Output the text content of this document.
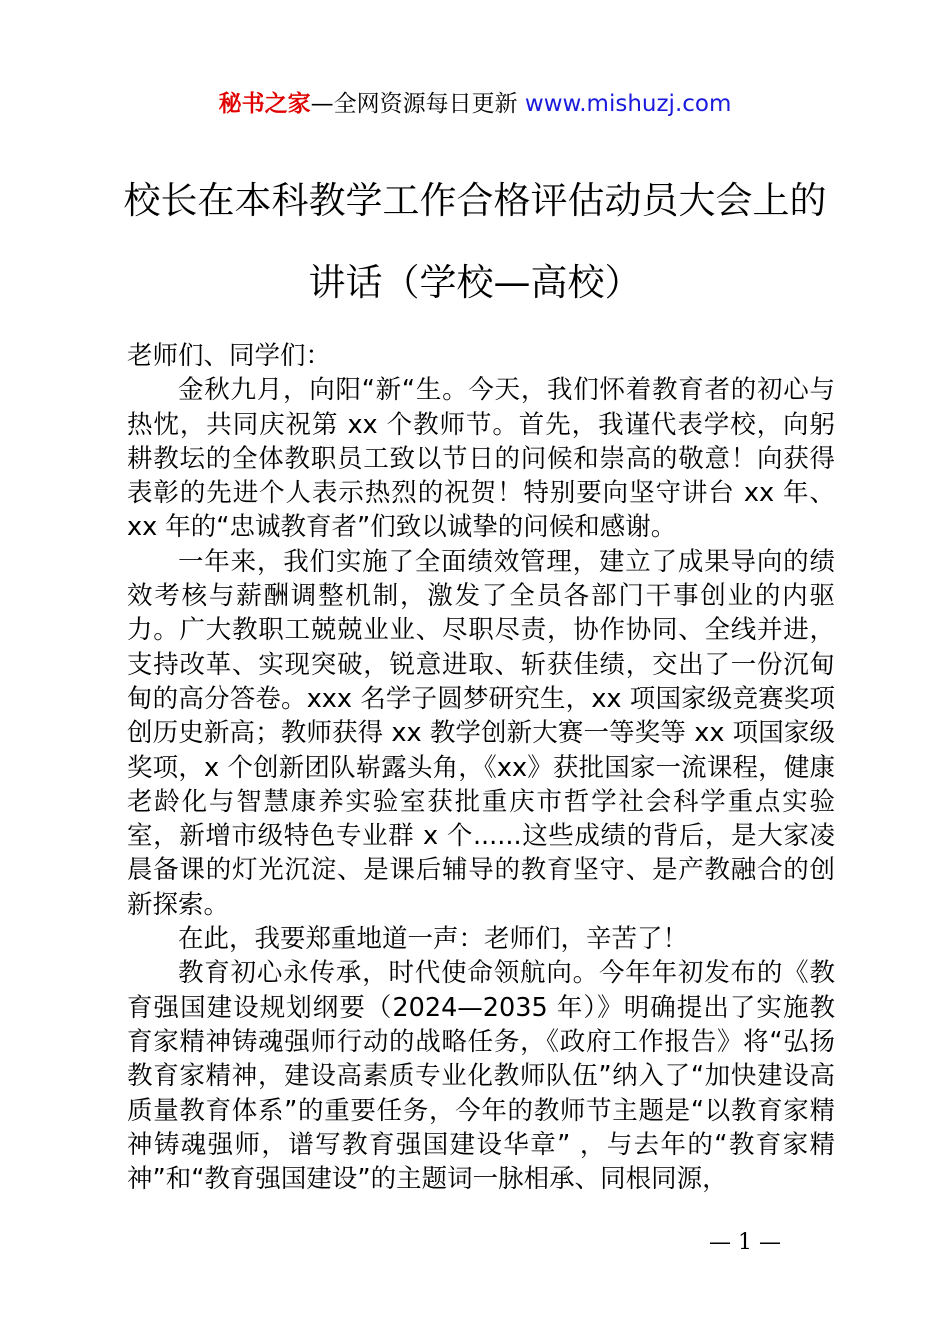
秘书之家—全网资源每日更新 www.mishuzj.com
校长在本科教学工作合格评估动员大会上的
讲话（学校—高校）

老师们、同学们：

金秋九月，向阳“新“生。今天，我们怀着教育者的初心与热忱，共同庆祝第 xx 个教师节。首先，我谨代表学校，向躬耕教坛的全体教职员工致以节日的问候和崇高的敬意！向获得表彰的先进个人表示热烈的祝贺！特别要向坚守讲台 xx 年、xx 年的“忠诚教育者”们致以诚挚的问候和感谢。

一年来，我们实施了全面绩效管理，建立了成果导向的绩效考核与薪酬调整机制，激发了全员各部门干事创业的内驱力。广大教职工兢兢业业、尽职尽责，协作协同、全线并进，支持改革、实现突破，锐意进取、斩获佳绩，交出了一份沉甸甸的高分答卷。xxx 名学子圆梦研究生，xx 项国家级竞赛奖项创历史新高；教师获得 xx 教学创新大赛一等奖等 xx 项国家级奖项，x 个创新团队崭露头角，《xx》获批国家一流课程，健康老龄化与智慧康养实验室获批重庆市哲学社会科学重点实验室，新增市级特色专业群 x 个......这些成绩的背后，是大家凌晨备课的灯光沉淀、是课后辅导的教育坚守、是产教融合的创新探索。

在此，我要郑重地道一声：老师们，辛苦了！

教育初心永传承，时代使命领航向。今年年初发布的《教育强国建设规划纲要（2024—2035 年）》明确提出了实施教育家精神铸魂强师行动的战略任务，《政府工作报告》将“弘扬教育家精神，建设高素质专业化教师队伍”纳入了“加快建设高质量教育体系”的重要任务，今年的教师节主题是“以教育家精神铸魂强师，谱写教育强国建设华章” ，与去年的“教育家精神”和“教育强国建设”的主题词一脉相承、同根同源，

— 1 —
